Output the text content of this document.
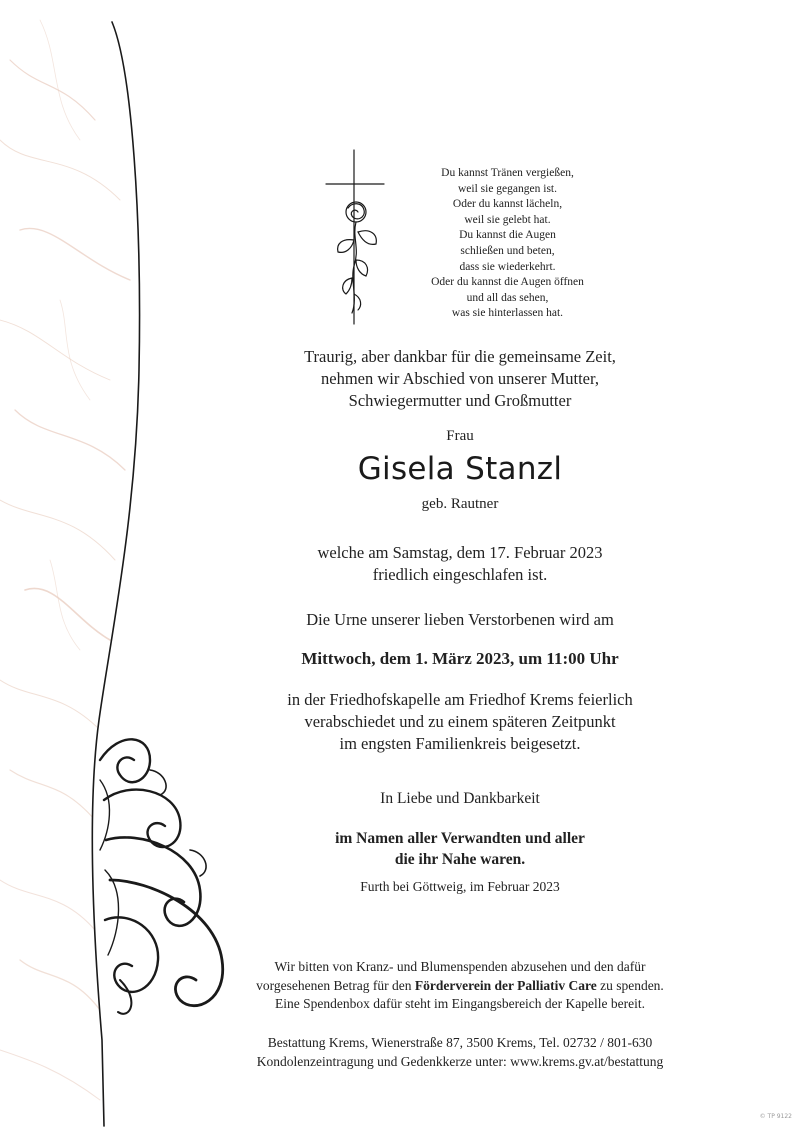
Du kannst Tränen vergießen,
weil sie gegangen ist.
Oder du kannst lächeln,
weil sie gelebt hat.
Du kannst die Augen
schließen und beten,
dass sie wiederkehrt.
Oder du kannst die Augen öffnen
und all das sehen,
was sie hinterlassen hat.
Traurig, aber dankbar für die gemeinsame Zeit,
nehmen wir Abschied von unserer Mutter,
Schwiegermutter und Großmutter
Frau
Gisela Stanzl
geb. Rautner
welche am Samstag, dem 17. Februar 2023
friedlich eingeschlafen ist.
Die Urne unserer lieben Verstorbenen wird am
Mittwoch, dem 1. März 2023, um 11:00 Uhr
in der Friedhofskapelle am Friedhof Krems feierlich
verabschiedet und zu einem späteren Zeitpunkt
im engsten Familienkreis beigesetzt.
In Liebe und Dankbarkeit
im Namen aller Verwandten und aller
die ihr Nahe waren.
Furth bei Göttweig, im Februar 2023
Wir bitten von Kranz- und Blumenspenden abzusehen und den dafür
vorgesehenen Betrag für den Förderverein der Palliativ Care zu spenden.
Eine Spendenbox dafür steht im Eingangsbereich der Kapelle bereit.
Bestattung Krems, Wienerstraße 87, 3500 Krems, Tel. 02732 / 801-630
Kondolenzeintragung und Gedenkkerze unter: www.krems.gv.at/bestattung
© TP 9122
